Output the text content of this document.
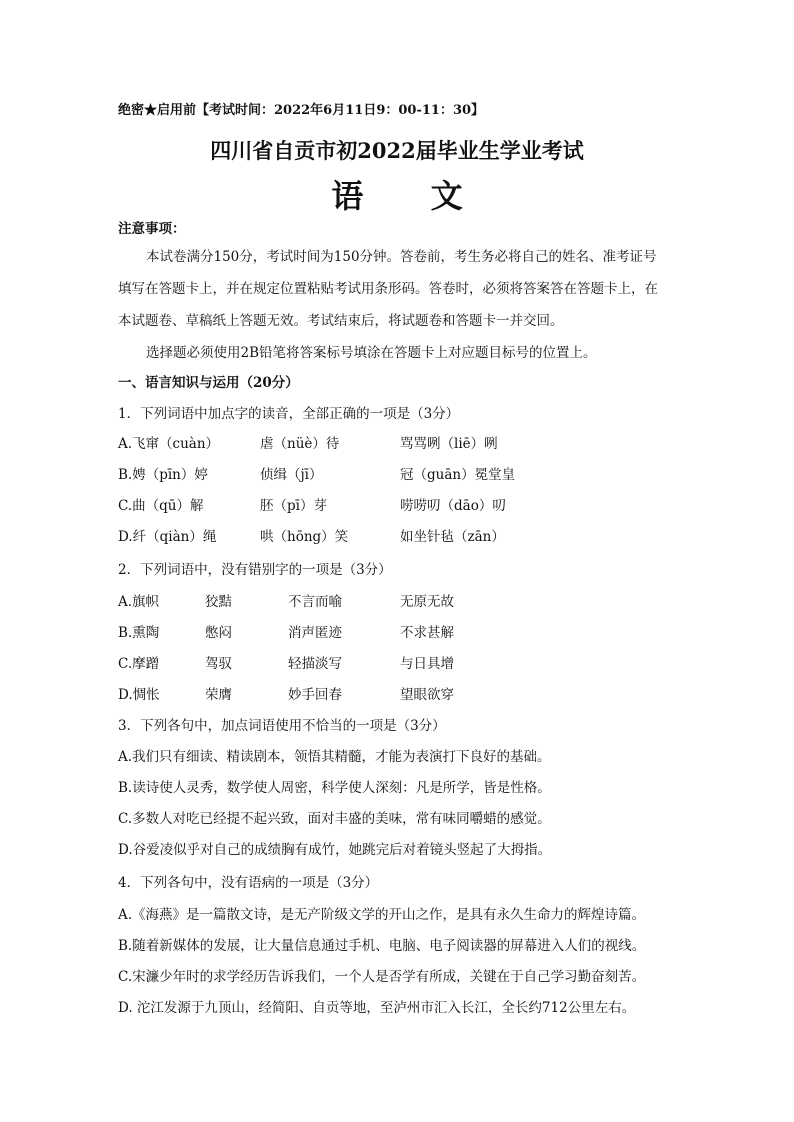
绝密★启用前【考试时间：2022年6月11日9：00-11：30】
四川省自贡市初2022届毕业生学业考试
语 文
注意事项：
本试卷满分150分，考试时间为150分钟。答卷前，考生务必将自己的姓名、准考证号
填写在答题卡上，并在规定位置粘贴考试用条形码。答卷时，必须将答案答在答题卡上，在
本试题卷、草稿纸上答题无效。考试结束后，将试题卷和答题卡一并交回。
选择题必须使用2B铅笔将答案标号填涂在答题卡上对应题目标号的位置上。
一、语言知识与运用（20分）
1．下列词语中加点字的读音，全部正确的一项是（3分）
A.飞窜（cuàn）	虐（nüè）待	骂骂咧（liē）咧
B.娉（pīn）婷	侦缉（jī）	冠（guān）冕堂皇
C.曲（qū）解	胚（pī）芽	唠唠叨（dāo）叨
D.纤（qiàn）绳	哄（hōng）笑	如坐针毡（zān）
2．下列词语中，没有错别字的一项是（3分）
A.旗帜	狡黠	不言而喻	无原无故
B.熏陶	憋闷	消声匿迹	不求甚解
C.摩蹭	驾驭	轻描淡写	与日具增
D.惆怅	荣膺	妙手回春	望眼欲穿
3．下列各句中，加点词语使用不恰当的一项是（3分）
A.我们只有细读、精读剧本，领悟其精髓，才能为表演打下良好的基础。
B.读诗使人灵秀，数学使人周密，科学使人深刻：凡是所学，皆是性格。
C.多数人对吃已经提不起兴致，面对丰盛的美味，常有味同嚼蜡的感觉。
D.谷爱凌似乎对自己的成绩胸有成竹，她跳完后对着镜头竖起了大拇指。
4．下列各句中，没有语病的一项是（3分）
A.《海燕》是一篇散文诗，是无产阶级文学的开山之作，是具有永久生命力的辉煌诗篇。
B.随着新媒体的发展，让大量信息通过手机、电脑、电子阅读器的屏幕进入人们的视线。
C.宋濂少年时的求学经历告诉我们，一个人是否学有所成，关键在于自己学习勤奋刻苦。
D. 沱江发源于九顶山，经简阳、自贡等地，至泸州市汇入长江，全长约712公里左右。
